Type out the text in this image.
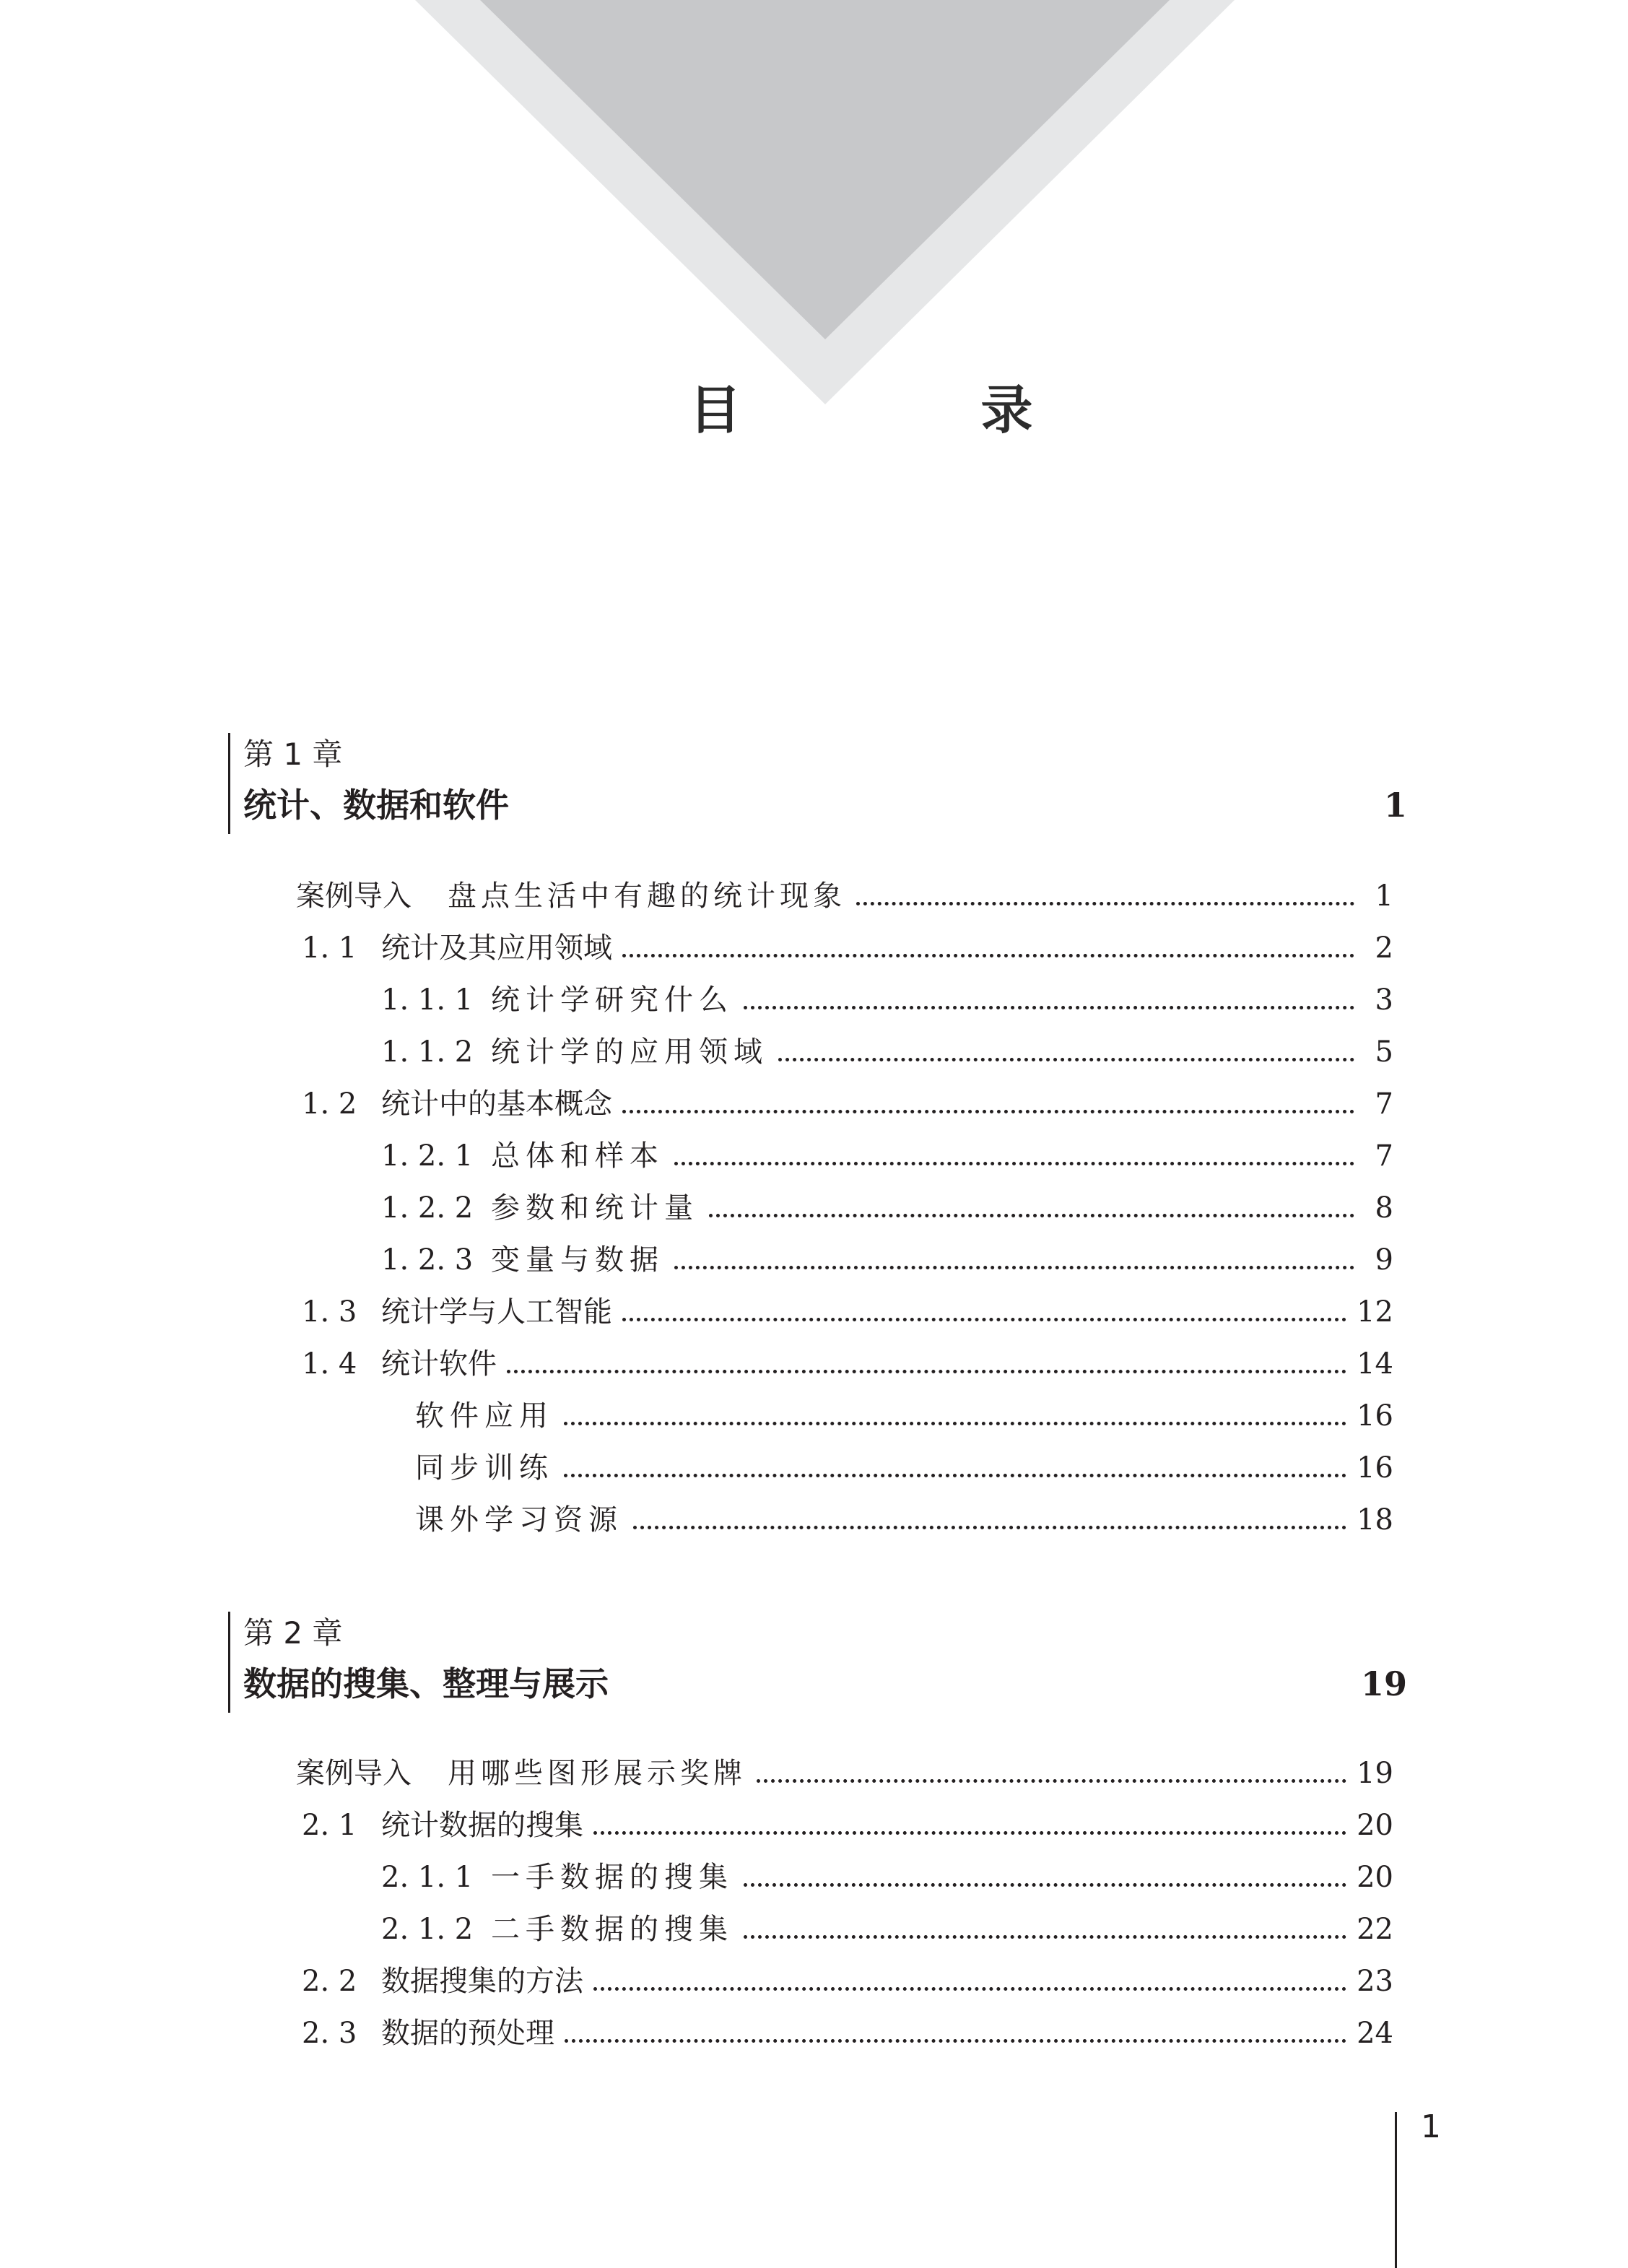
目　录
第 1 章
统计、数据和软件	1
案例导入 盘点生活中有趣的统计现象	1
1. 1 统计及其应用领域	2
1. 1. 1 统计学研究什么	3
1. 1. 2 统计学的应用领域	5
1. 2 统计中的基本概念	7
1. 2. 1 总体和样本	7
1. 2. 2 参数和统计量	8
1. 2. 3 变量与数据	9
1. 3 统计学与人工智能	12
1. 4 统计软件	14
软件应用	16
同步训练	16
课外学习资源	18
第 2 章
数据的搜集、整理与展示	19
案例导入 用哪些图形展示奖牌	19
2. 1 统计数据的搜集	20
2. 1. 1 一手数据的搜集	20
2. 1. 2 二手数据的搜集	22
2. 2 数据搜集的方法	23
2. 3 数据的预处理	24
1
